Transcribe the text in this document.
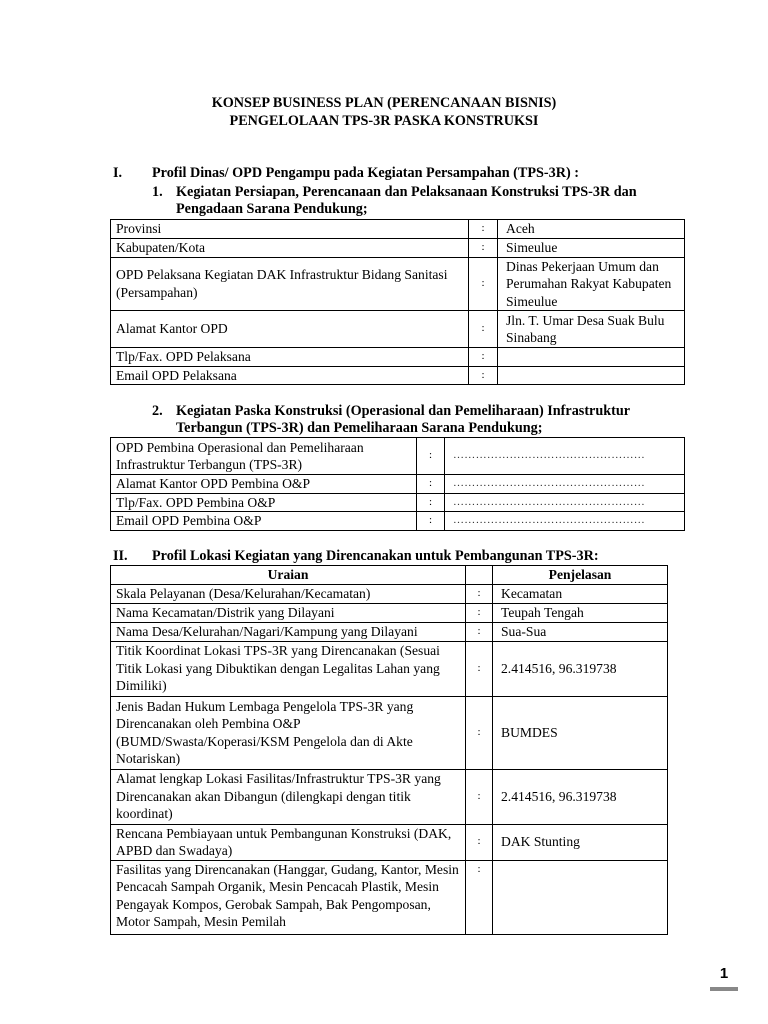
KONSEP BUSINESS PLAN (PERENCANAAN BISNIS)
PENGELOLAAN TPS-3R PASKA KONSTRUKSI
I. Profil Dinas/ OPD Pengampu pada Kegiatan Persampahan (TPS-3R) :
1. Kegiatan Persiapan, Perencanaan dan Pelaksanaan Konstruksi TPS-3R dan
Pengadaan Sarana Pendukung;
Provinsi	:	Aceh
Kabupaten/Kota	:	Simeulue
OPD Pelaksana Kegiatan DAK Infrastruktur Bidang Sanitasi (Persampahan)	:	Dinas Pekerjaan Umum dan Perumahan Rakyat Kabupaten Simeulue
Alamat Kantor OPD	:	Jln. T. Umar Desa Suak Bulu Sinabang
Tlp/Fax. OPD Pelaksana	:	
Email OPD Pelaksana	:	
2. Kegiatan Paska Konstruksi (Operasional dan Pemeliharaan) Infrastruktur
Terbangun (TPS-3R) dan Pemeliharaan Sarana Pendukung;
OPD Pembina Operasional dan Pemeliharaan Infrastruktur Terbangun (TPS-3R)	:	……………………………………………
Alamat Kantor OPD Pembina O&P	:	……………………………………………
Tlp/Fax. OPD Pembina O&P	:	……………………………………………
Email OPD Pembina O&P	:	……………………………………………
II. Profil Lokasi Kegiatan yang Direncanakan untuk Pembangunan TPS-3R:
Uraian		Penjelasan
Skala Pelayanan (Desa/Kelurahan/Kecamatan)	:	Kecamatan
Nama Kecamatan/Distrik yang Dilayani	:	Teupah Tengah
Nama Desa/Kelurahan/Nagari/Kampung yang Dilayani	:	Sua-Sua
Titik Koordinat Lokasi TPS-3R yang Direncanakan (Sesuai Titik Lokasi yang Dibuktikan dengan Legalitas Lahan yang Dimiliki)	:	2.414516, 96.319738
Jenis Badan Hukum Lembaga Pengelola TPS-3R yang Direncanakan oleh Pembina O&P (BUMD/Swasta/Koperasi/KSM Pengelola dan di Akte Notariskan)	:	BUMDES
Alamat lengkap Lokasi Fasilitas/Infrastruktur TPS-3R yang Direncanakan akan Dibangun (dilengkapi dengan titik koordinat)	:	2.414516, 96.319738
Rencana Pembiayaan untuk Pembangunan Konstruksi (DAK, APBD dan Swadaya)	:	DAK Stunting
Fasilitas yang Direncanakan (Hanggar, Gudang, Kantor, Mesin Pencacah Sampah Organik, Mesin Pencacah Plastik, Mesin Pengayak Kompos, Gerobak Sampah, Bak Pengomposan, Motor Sampah, Mesin Pemilah	:	
1
